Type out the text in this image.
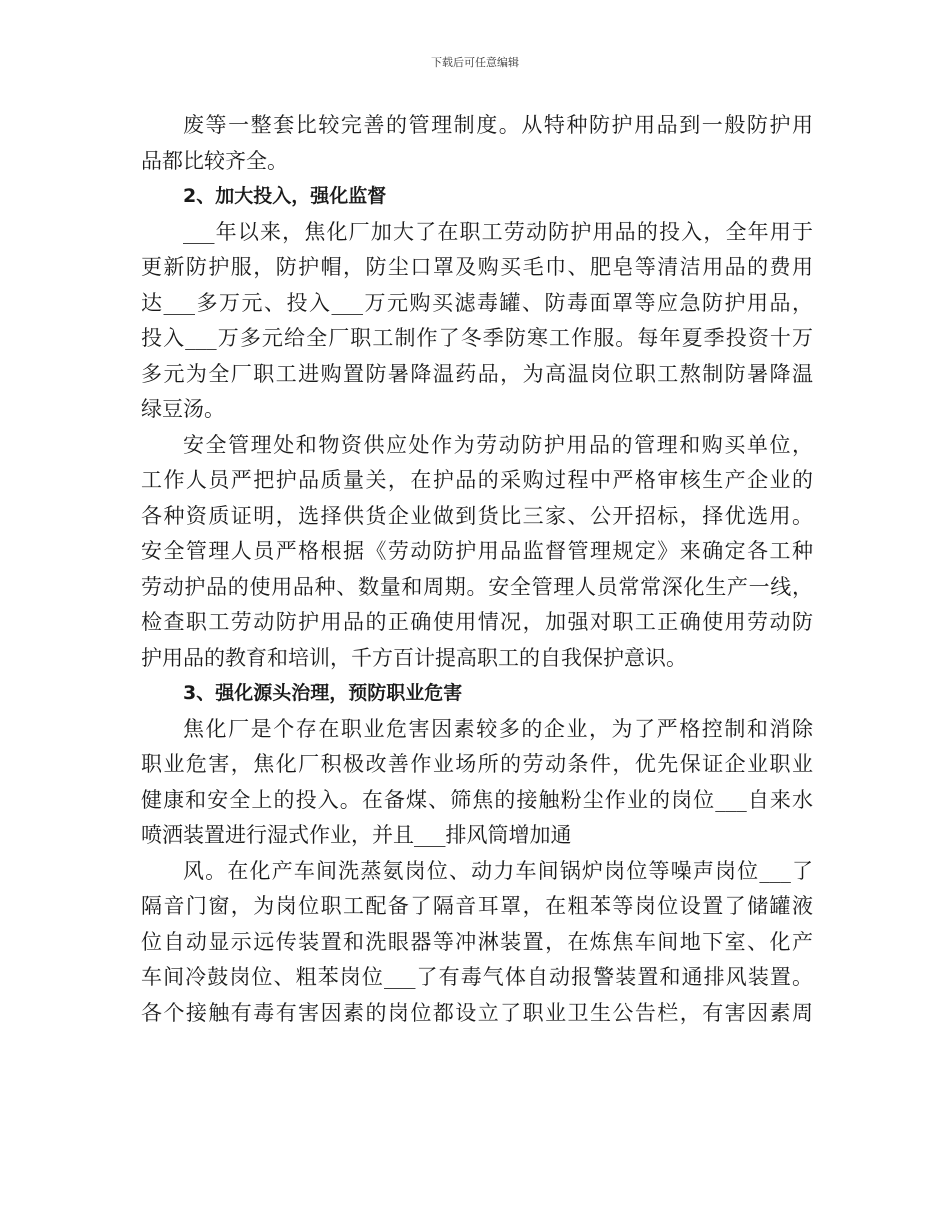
下载后可任意编辑
废等一整套比较完善的管理制度。从特种防护用品到一般防护用
品都比较齐全。
2、加大投入，强化监督
___年以来，焦化厂加大了在职工劳动防护用品的投入，全年用于
更新防护服，防护帽，防尘口罩及购买毛巾、肥皂等清洁用品的费用
达___多万元、投入___万元购买滤毒罐、防毒面罩等应急防护用品，
投入___万多元给全厂职工制作了冬季防寒工作服。每年夏季投资十万
多元为全厂职工进购置防暑降温药品，为高温岗位职工熬制防暑降温
绿豆汤。
安全管理处和物资供应处作为劳动防护用品的管理和购买单位，
工作人员严把护品质量关，在护品的采购过程中严格审核生产企业的
各种资质证明，选择供货企业做到货比三家、公开招标，择优选用。
安全管理人员严格根据《劳动防护用品监督管理规定》来确定各工种
劳动护品的使用品种、数量和周期。安全管理人员常常深化生产一线，
检查职工劳动防护用品的正确使用情况，加强对职工正确使用劳动防
护用品的教育和培训，千方百计提高职工的自我保护意识。
3、强化源头治理，预防职业危害
焦化厂是个存在职业危害因素较多的企业，为了严格控制和消除
职业危害，焦化厂积极改善作业场所的劳动条件，优先保证企业职业
健康和安全上的投入。在备煤、筛焦的接触粉尘作业的岗位___自来水
喷洒装置进行湿式作业，并且___排风筒增加通
风。在化产车间洗蒸氨岗位、动力车间锅炉岗位等噪声岗位___了
隔音门窗，为岗位职工配备了隔音耳罩，在粗苯等岗位设置了储罐液
位自动显示远传装置和洗眼器等冲淋装置，在炼焦车间地下室、化产
车间冷鼓岗位、粗苯岗位___了有毒气体自动报警装置和通排风装置。
各个接触有毒有害因素的岗位都设立了职业卫生公告栏，有害因素周
